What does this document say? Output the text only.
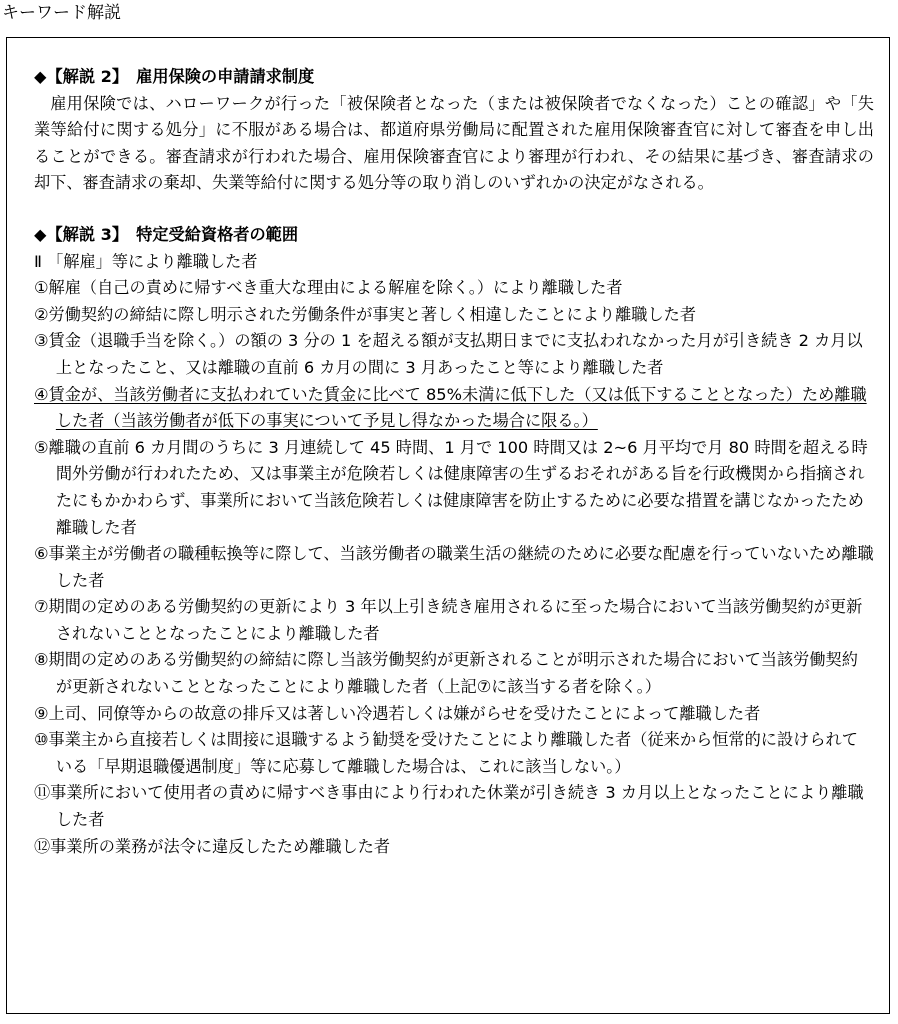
キーワード解説
◆【解説 2】　雇用保険の申請請求制度
雇用保険では、ハローワークが行った「被保険者となった（または被保険者でなくなった）ことの確認」や「失業等給付に関する処分」に不服がある場合は、都道府県労働局に配置された雇用保険審査官に対して審査を申し出ることができる。審査請求が行われた場合、雇用保険審査官により審理が行われ、その結果に基づき、審査請求の却下、審査請求の棄却、失業等給付に関する処分等の取り消しのいずれかの決定がなされる。
◆【解説 3】　特定受給資格者の範囲
Ⅱ 「解雇」等により離職した者
①解雇（自己の責めに帰すべき重大な理由による解雇を除く。）により離職した者
②労働契約の締結に際し明示された労働条件が事実と著しく相違したことにより離職した者
③賃金（退職手当を除く。）の額の 3 分の 1 を超える額が支払期日までに支払われなかった月が引き続き 2 カ月以上となったこと、又は離職の直前 6 カ月の間に 3 月あったこと等により離職した者
④賃金が、当該労働者に支払われていた賃金に比べて 85%未満に低下した（又は低下することとなった）ため離職した者（当該労働者が低下の事実について予見し得なかった場合に限る。）
⑤離職の直前 6 カ月間のうちに 3 月連続して 45 時間、1 月で 100 時間又は 2~6 月平均で月 80 時間を超える時間外労働が行われたため、又は事業主が危険若しくは健康障害の生ずるおそれがある旨を行政機関から指摘されたにもかかわらず、事業所において当該危険若しくは健康障害を防止するために必要な措置を講じなかったため離職した者
⑥事業主が労働者の職種転換等に際して、当該労働者の職業生活の継続のために必要な配慮を行っていないため離職した者
⑦期間の定めのある労働契約の更新により 3 年以上引き続き雇用されるに至った場合において当該労働契約が更新されないこととなったことにより離職した者
⑧期間の定めのある労働契約の締結に際し当該労働契約が更新されることが明示された場合において当該労働契約が更新されないこととなったことにより離職した者（上記⑦に該当する者を除く。）
⑨上司、同僚等からの故意の排斥又は著しい冷遇若しくは嫌がらせを受けたことによって離職した者
⑩事業主から直接若しくは間接に退職するよう勧奨を受けたことにより離職した者（従来から恒常的に設けられている「早期退職優遇制度」等に応募して離職した場合は、これに該当しない。）
⑪事業所において使用者の責めに帰すべき事由により行われた休業が引き続き 3 カ月以上となったことにより離職した者
⑫事業所の業務が法令に違反したため離職した者
